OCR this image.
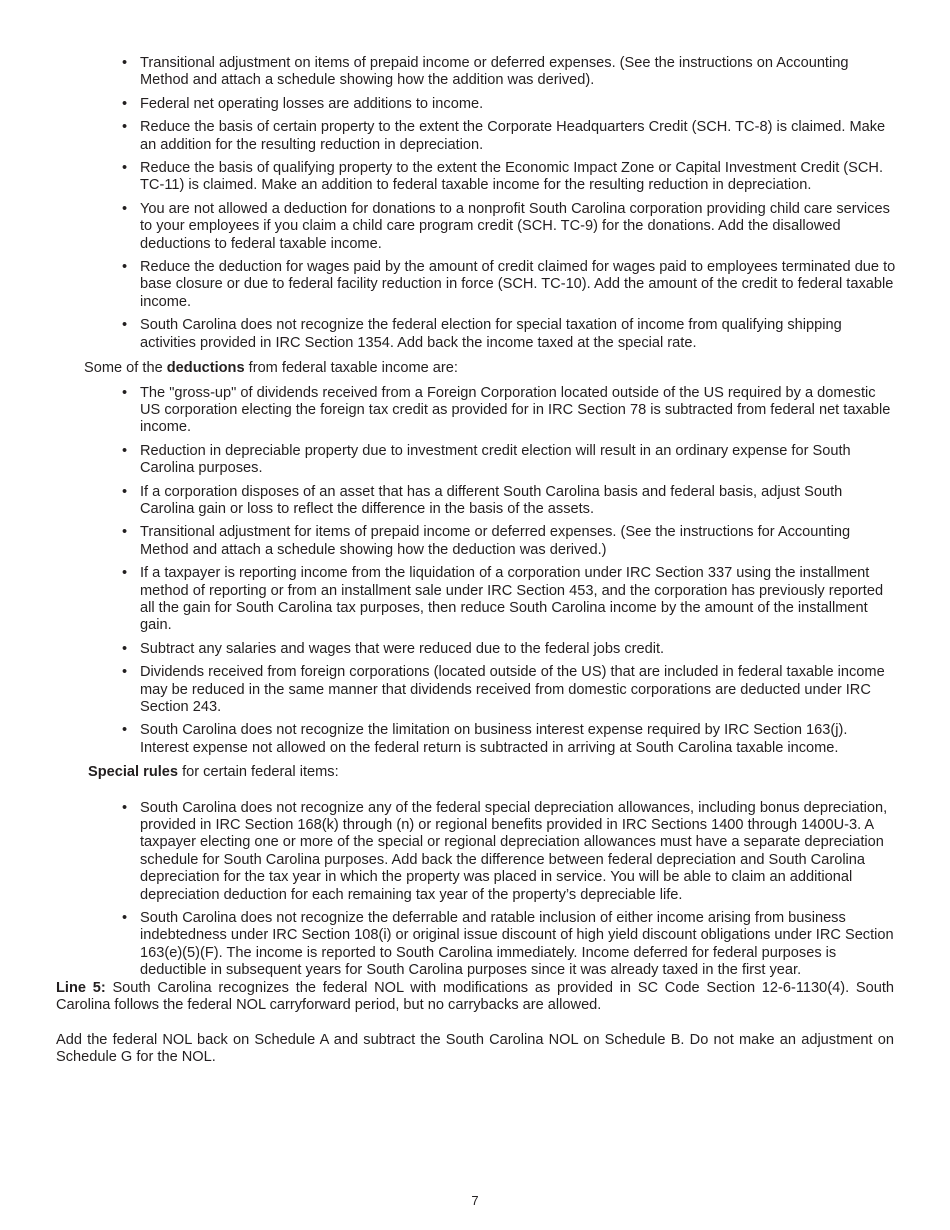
• Transitional adjustment on items of prepaid income or deferred expenses. (See the instructions on Accounting Method and attach a schedule showing how the addition was derived).
• Federal net operating losses are additions to income.
• Reduce the basis of certain property to the extent the Corporate Headquarters Credit (SCH. TC-8) is claimed. Make an addition for the resulting reduction in depreciation.
• Reduce the basis of qualifying property to the extent the Economic Impact Zone or Capital Investment Credit (SCH. TC-11) is claimed. Make an addition to federal taxable income for the resulting reduction in depreciation.
• You are not allowed a deduction for donations to a nonprofit South Carolina corporation providing child care services to your employees if you claim a child care program credit (SCH. TC-9) for the donations. Add the disallowed deductions to federal taxable income.
• Reduce the deduction for wages paid by the amount of credit claimed for wages paid to employees terminated due to base closure or due to federal facility reduction in force (SCH. TC-10). Add the amount of the credit to federal taxable income.
• South Carolina does not recognize the federal election for special taxation of income from qualifying shipping activities provided in IRC Section 1354. Add back the income taxed at the special rate.

Some of the deductions from federal taxable income are:

• The "gross-up" of dividends received from a Foreign Corporation located outside of the US required by a domestic US corporation electing the foreign tax credit as provided for in IRC Section 78 is subtracted from federal net taxable income.
• Reduction in depreciable property due to investment credit election will result in an ordinary expense for South Carolina purposes.
• If a corporation disposes of an asset that has a different South Carolina basis and federal basis, adjust South Carolina gain or loss to reflect the difference in the basis of the assets.
• Transitional adjustment for items of prepaid income or deferred expenses. (See the instructions for Accounting Method and attach a schedule showing how the deduction was derived.)
• If a taxpayer is reporting income from the liquidation of a corporation under IRC Section 337 using the installment method of reporting or from an installment sale under IRC Section 453, and the corporation has previously reported all the gain for South Carolina tax purposes, then reduce South Carolina income by the amount of the installment gain.
• Subtract any salaries and wages that were reduced due to the federal jobs credit.
• Dividends received from foreign corporations (located outside of the US) that are included in federal taxable income may be reduced in the same manner that dividends received from domestic corporations are deducted under IRC Section 243.
• South Carolina does not recognize the limitation on business interest expense required by IRC Section 163(j). Interest expense not allowed on the federal return is subtracted in arriving at South Carolina taxable income.

Special rules for certain federal items:

• South Carolina does not recognize any of the federal special depreciation allowances, including bonus depreciation, provided in IRC Section 168(k) through (n) or regional benefits provided in IRC Sections 1400 through 1400U-3. A taxpayer electing one or more of the special or regional depreciation allowances must have a separate depreciation schedule for South Carolina purposes. Add back the difference between federal depreciation and South Carolina depreciation for the tax year in which the property was placed in service. You will be able to claim an additional depreciation deduction for each remaining tax year of the property’s depreciable life.
• South Carolina does not recognize the deferrable and ratable inclusion of either income arising from business indebtedness under IRC Section 108(i) or original issue discount of high yield discount obligations under IRC Section 163(e)(5)(F). The income is reported to South Carolina immediately. Income deferred for federal purposes is deductible in subsequent years for South Carolina purposes since it was already taxed in the first year.

Line 5: South Carolina recognizes the federal NOL with modifications as provided in SC Code Section 12-6-1130(4). South Carolina follows the federal NOL carryforward period, but no carrybacks are allowed.

Add the federal NOL back on Schedule A and subtract the South Carolina NOL on Schedule B. Do not make an adjustment on Schedule G for the NOL.

7
